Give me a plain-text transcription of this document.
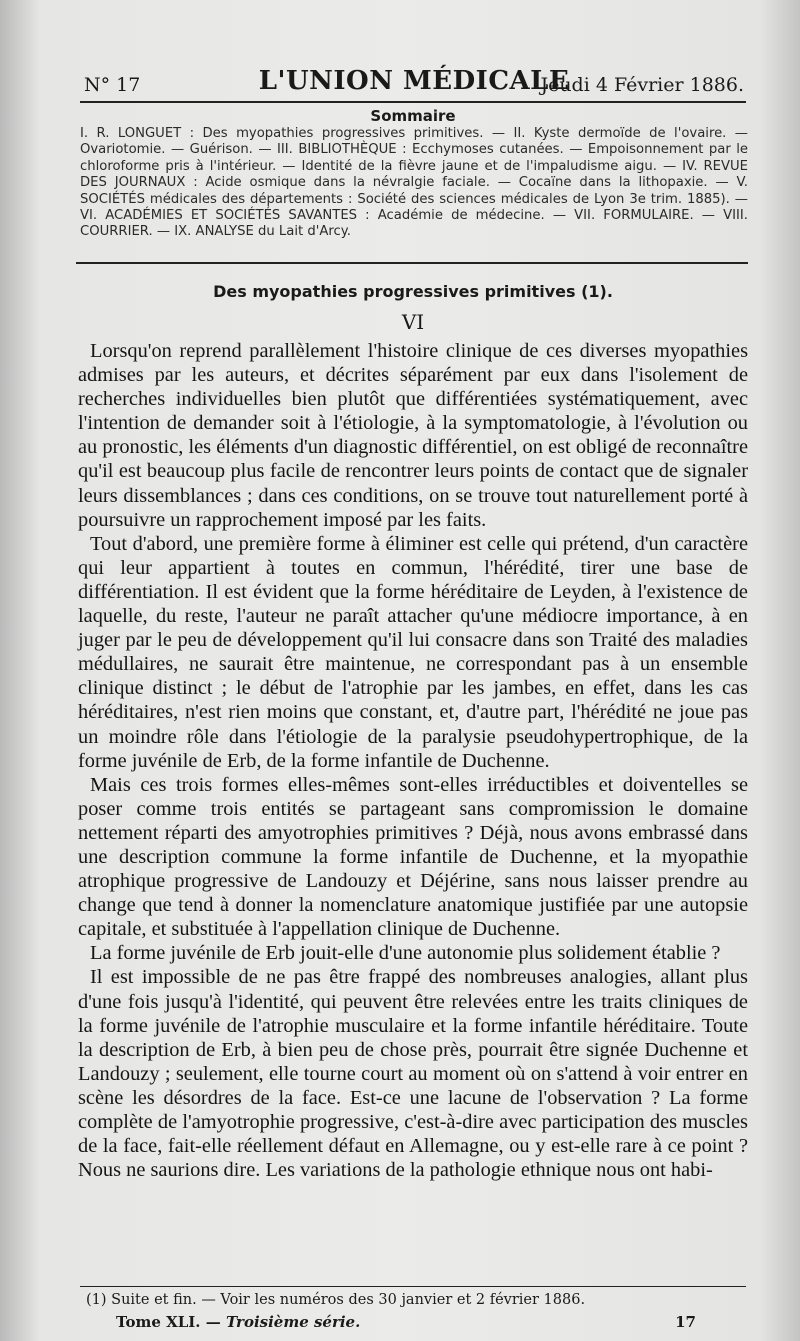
N° 17	L'UNION MÉDICALE
Jeudi 4 Février 1886.
Sommaire

I. R. LONGUET : Des myopathies progressives primitives. — II. Kyste dermoïde de l'ovaire. — Ovariotomie. — Guérison. — III. BIBLIOTHÈQUE : Ecchymoses cutanées. — Empoisonnement par le chloroforme pris à l'intérieur. — Identité de la fièvre jaune et de l'impaludisme aigu. — IV. REVUE DES JOURNAUX : Acide osmique dans la névralgie faciale. — Cocaïne dans la lithopaxie. — V. SOCIÉTÉS médicales des départements : Société des sciences médicales de Lyon 3e trim. 1885). — VI. ACADÉMIES ET SOCIÉTÉS SAVANTES : Académie de médecine. — VII. FORMULAIRE. — VIII. COURRIER. — IX. ANALYSE du Lait d'Arcy.

Des myopathies progressives primitives (1).
VI

Lorsqu'on reprend parallèlement l'histoire clinique de ces diverses myopathies admises par les auteurs, et décrites séparément par eux dans l'isolement de recherches individuelles bien plutôt que différentiées systématiquement, avec l'intention de demander soit à l'étiologie, à la symptomatologie, à l'évolution ou au pronostic, les éléments d'un diagnostic différentiel, on est obligé de reconnaître qu'il est beaucoup plus facile de rencontrer leurs points de contact que de signaler leurs dissemblances ; dans ces conditions, on se trouve tout naturellement porté à poursuivre un rapprochement imposé par les faits.

Tout d'abord, une première forme à éliminer est celle qui prétend, d'un caractère qui leur appartient à toutes en commun, l'hérédité, tirer une base de différentiation. Il est évident que la forme héréditaire de Leyden, à l'existence de laquelle, du reste, l'auteur ne paraît attacher qu'une médiocre importance, à en juger par le peu de développement qu'il lui consacre dans son Traité des maladies médullaires, ne saurait être maintenue, ne correspondant pas à un ensemble clinique distinct ; le début de l'atrophie par les jambes, en effet, dans les cas héréditaires, n'est rien moins que constant, et, d'autre part, l'hérédité ne joue pas un moindre rôle dans l'étiologie de la paralysie pseudohypertrophique, de la forme juvénile de Erb, de la forme infantile de Duchenne.

Mais ces trois formes elles-mêmes sont-elles irréductibles et doiventelles se poser comme trois entités se partageant sans compromission le domaine nettement réparti des amyotrophies primitives ? Déjà, nous avons embrassé dans une description commune la forme infantile de Duchenne, et la myopathie atrophique progressive de Landouzy et Déjérine, sans nous laisser prendre au change que tend à donner la nomenclature anatomique justifiée par une autopsie capitale, et substituée à l'appellation clinique de Duchenne.

La forme juvénile de Erb jouit-elle d'une autonomie plus solidement établie ?

Il est impossible de ne pas être frappé des nombreuses analogies, allant plus d'une fois jusqu'à l'identité, qui peuvent être relevées entre les traits cliniques de la forme juvénile de l'atrophie musculaire et la forme infantile héréditaire. Toute la description de Erb, à bien peu de chose près, pourrait être signée Duchenne et Landouzy ; seulement, elle tourne court au moment où on s'attend à voir entrer en scène les désordres de la face. Est-ce une lacune de l'observation ? La forme complète de l'amyotrophie progressive, c'est-à-dire avec participation des muscles de la face, fait-elle réellement défaut en Allemagne, ou y est-elle rare à ce point ? Nous ne saurions dire. Les variations de la pathologie ethnique nous ont habi-

(1) Suite et fin. — Voir les numéros des 30 janvier et 2 février 1886.
Tome XLI. — Troisième série.	17
